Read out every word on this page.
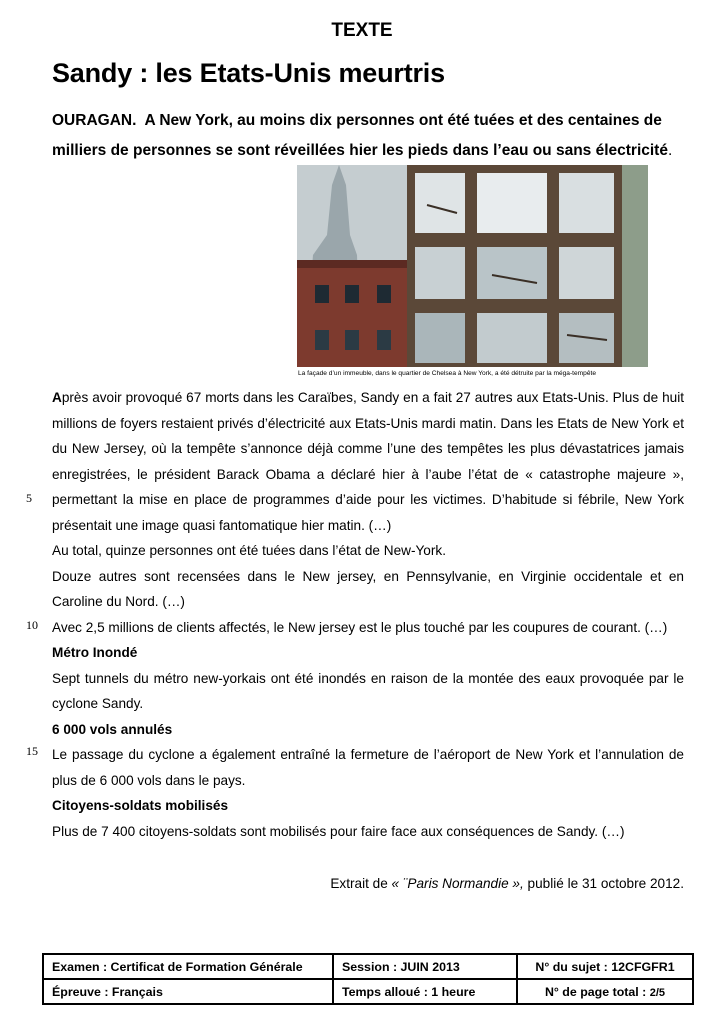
TEXTE
Sandy : les Etats-Unis meurtris
OURAGAN. A New York, au moins dix personnes ont été tuées et des centaines de milliers de personnes se sont réveillées hier les pieds dans l’eau ou sans électricité.
La façade d’un immeuble, dans le quartier de Chelsea à New York, a été détruite par la méga-tempête

Après avoir provoqué 67 morts dans les Caraïbes, Sandy en a fait 27 autres aux Etats-Unis. Plus de huit millions de foyers restaient privés d’électricité aux Etats-Unis mardi matin. Dans les Etats de New York et du New Jersey, où la tempête s’annonce déjà comme l’une des tempêtes les plus dévastatrices jamais enregistrées, le président Barack Obama a déclaré hier à l’aube l’état de « catastrophe majeure », permettant la mise en place de programmes d’aide pour les victimes. D’habitude si fébrile, New York présentait une image quasi fantomatique hier matin. (…)

Au total, quinze personnes ont été tuées dans l’état de New-York.

Douze autres sont recensées dans le New jersey, en Pennsylvanie, en Virginie occidentale et en Caroline du Nord. (…)

Avec 2,5 millions de clients affectés, le New jersey est le plus touché par les coupures de courant. (…)

Métro Inondé

Sept tunnels du métro new-yorkais ont été inondés en raison de la montée des eaux provoquée par le cyclone Sandy.

6 000 vols annulés

Le passage du cyclone a également entraîné la fermeture de l’aéroport de New York et l’annulation de plus de 6 000 vols dans le pays.

Citoyens-soldats mobilisés

Plus de 7 400 citoyens-soldats sont mobilisés pour faire face aux conséquences de Sandy. (…)

5
10
15
Extrait de « ¨Paris Normandie », publié le 31 octobre 2012.
Examen : Certificat de Formation Générale	Session : JUIN 2013	N° du sujet : 12CFGFR1
Épreuve : Français	Temps alloué : 1 heure	N° de page total : 2/5
